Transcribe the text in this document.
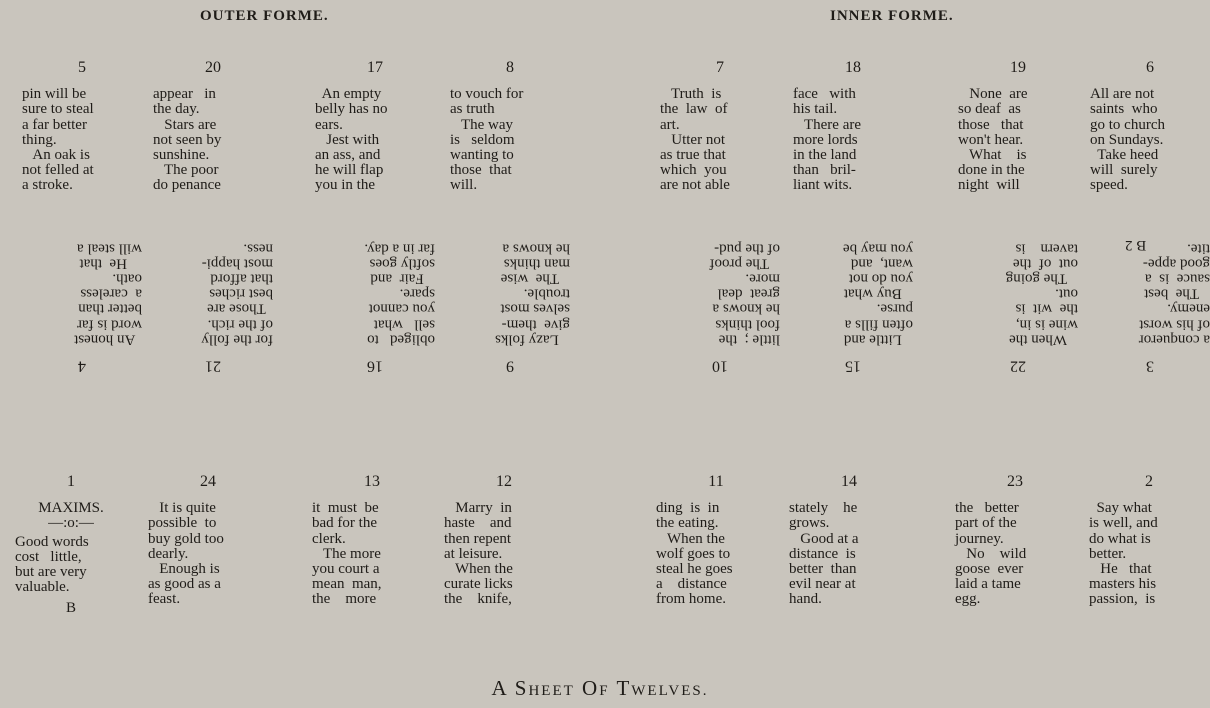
OUTER FORME.	INNER FORME.
5
pin will be
sure to steal
a far better
thing.
An oak is
not felled at
a stroke.
20
appear   in
the day.
Stars are
not seen by
sunshine.
The poor
do penance
17
An empty
belly has no
ears.
Jest with
an ass, and
he will flap
you in the
8
to vouch for
as truth
The way
is   seldom
wanting to
those  that
will.
7
Truth  is
the  law  of
art.
Utter not
as true that
which  you
are not able
18
face   with
his tail.
There are
more lords
in the land
than   bril-
liant wits.
19
None  are
so deaf  as
those   that
won't hear.
What    is
done in the
night  will
6
All are not
saints  who
go to church
on Sundays.
Take heed
will  surely
speed.
4
An honest
word is far
better than
a  careless
oath.
He  that
will steal a
21
for the folly
of the rich.
Those are
best riches
that afford
most happi-
ness.
16
obliged   to
sell   what
you cannot
spare.
Fair  and
softly goes
far in a day.
9
Lazy folks
give  them-
selves most
trouble.
The  wise
man thinks
he knows a
10
little ;  the
fool thinks
he knows a
great  deal
more.
The proof
of the pud-
15
Little and
often fills a
purse.
Buy what
you do not
want,  and
you may be
22
When the
wine is in,
the  wit  is
out.
The going
out  of  the
tavern    is
3
a conqueror
of his worst
enemy.
The  best
sauce  is  a
good appe-
tite.
B 2
1
MAXIMS.
—:o:—
Good words
cost   little,
but are very
valuable.
B
24
It is quite
possible  to
buy gold too
dearly.
Enough is
as good as a
feast.
13
it  must  be
bad for the
clerk.
The more
you court a
mean  man,
the    more
12
Marry  in
haste    and
then repent
at leisure.
When the
curate licks
the    knife,
11
ding  is  in
the eating.
When the
wolf goes to
steal he goes
a    distance
from home.
14
stately    he
grows.
Good at a
distance  is
better  than
evil near at
hand.
23
the   better
part of the
journey.
No    wild
goose  ever
laid a tame
egg.
2
Say what
is well, and
do what is
better.
He   that
masters his
passion,  is
A SHEET OF TWELVES.
